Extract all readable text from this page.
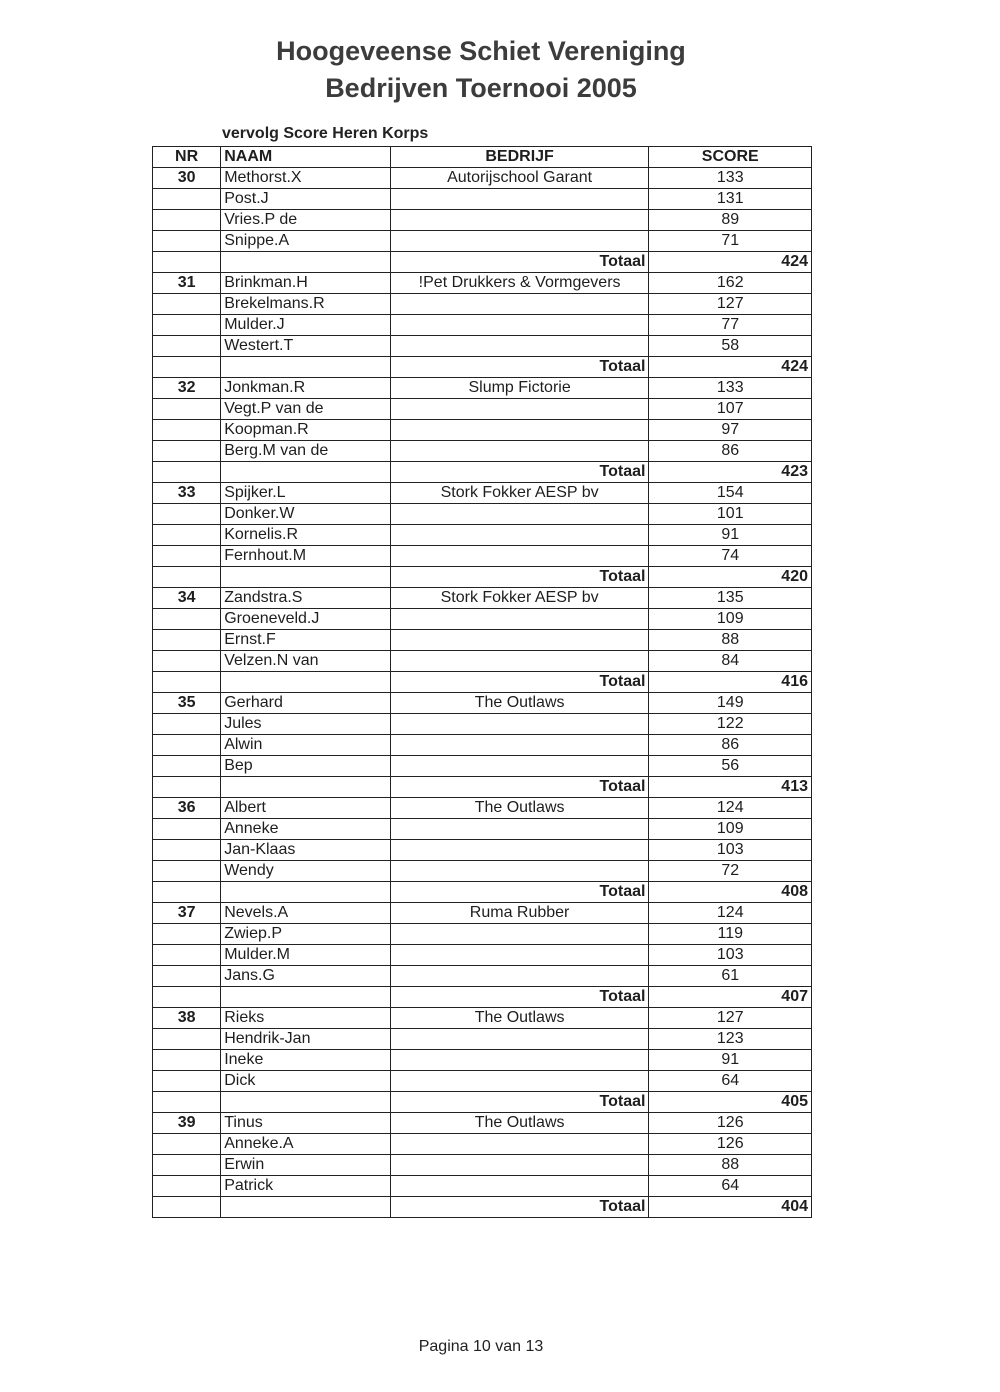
Hoogeveense Schiet Vereniging
Bedrijven Toernooi 2005
vervolg Score Heren Korps
NR	NAAM	BEDRIJF	SCORE
30	Methorst.X	Autorijschool Garant	133
	Post.J		131
	Vries.P de		89
	Snippe.A		71
		Totaal	424
31	Brinkman.H	!Pet Drukkers & Vormgevers	162
	Brekelmans.R		127
	Mulder.J		77
	Westert.T		58
		Totaal	424
32	Jonkman.R	Slump Fictorie	133
	Vegt.P van de		107
	Koopman.R		97
	Berg.M van de		86
		Totaal	423
33	Spijker.L	Stork Fokker AESP bv	154
	Donker.W		101
	Kornelis.R		91
	Fernhout.M		74
		Totaal	420
34	Zandstra.S	Stork Fokker AESP bv	135
	Groeneveld.J		109
	Ernst.F		88
	Velzen.N van		84
		Totaal	416
35	Gerhard	The Outlaws	149
	Jules		122
	Alwin		86
	Bep		56
		Totaal	413
36	Albert	The Outlaws	124
	Anneke		109
	Jan-Klaas		103
	Wendy		72
		Totaal	408
37	Nevels.A	Ruma Rubber	124
	Zwiep.P		119
	Mulder.M		103
	Jans.G		61
		Totaal	407
38	Rieks	The Outlaws	127
	Hendrik-Jan		123
	Ineke		91
	Dick		64
		Totaal	405
39	Tinus	The Outlaws	126
	Anneke.A		126
	Erwin		88
	Patrick		64
		Totaal	404
Pagina 10 van 13
